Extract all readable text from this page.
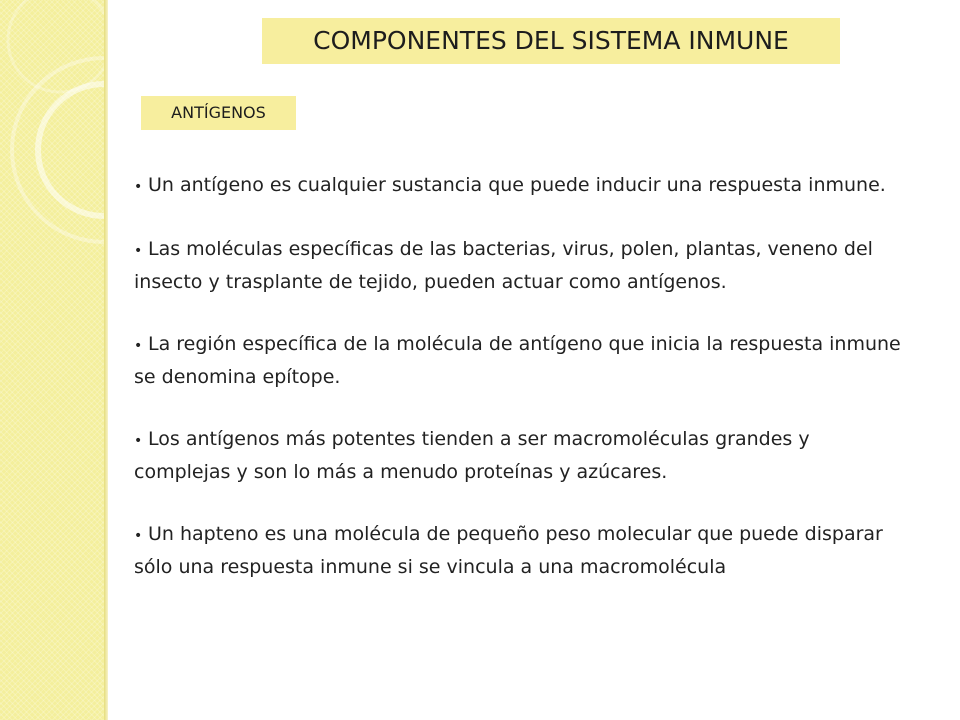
COMPONENTES DEL SISTEMA INMUNE
ANTÍGENOS
• Un antígeno es cualquier sustancia que puede inducir una respuesta inmune.
• Las moléculas específicas de las bacterias, virus, polen, plantas, veneno del insecto y trasplante de tejido, pueden actuar como antígenos.
• La región específica de la molécula de antígeno que inicia la respuesta inmune se denomina epítope.
• Los antígenos más potentes tienden a ser macromoléculas grandes y complejas y son lo más a menudo proteínas y azúcares.
• Un hapteno es una molécula de pequeño peso molecular que puede disparar sólo una respuesta inmune si se vincula a una macromolécula
